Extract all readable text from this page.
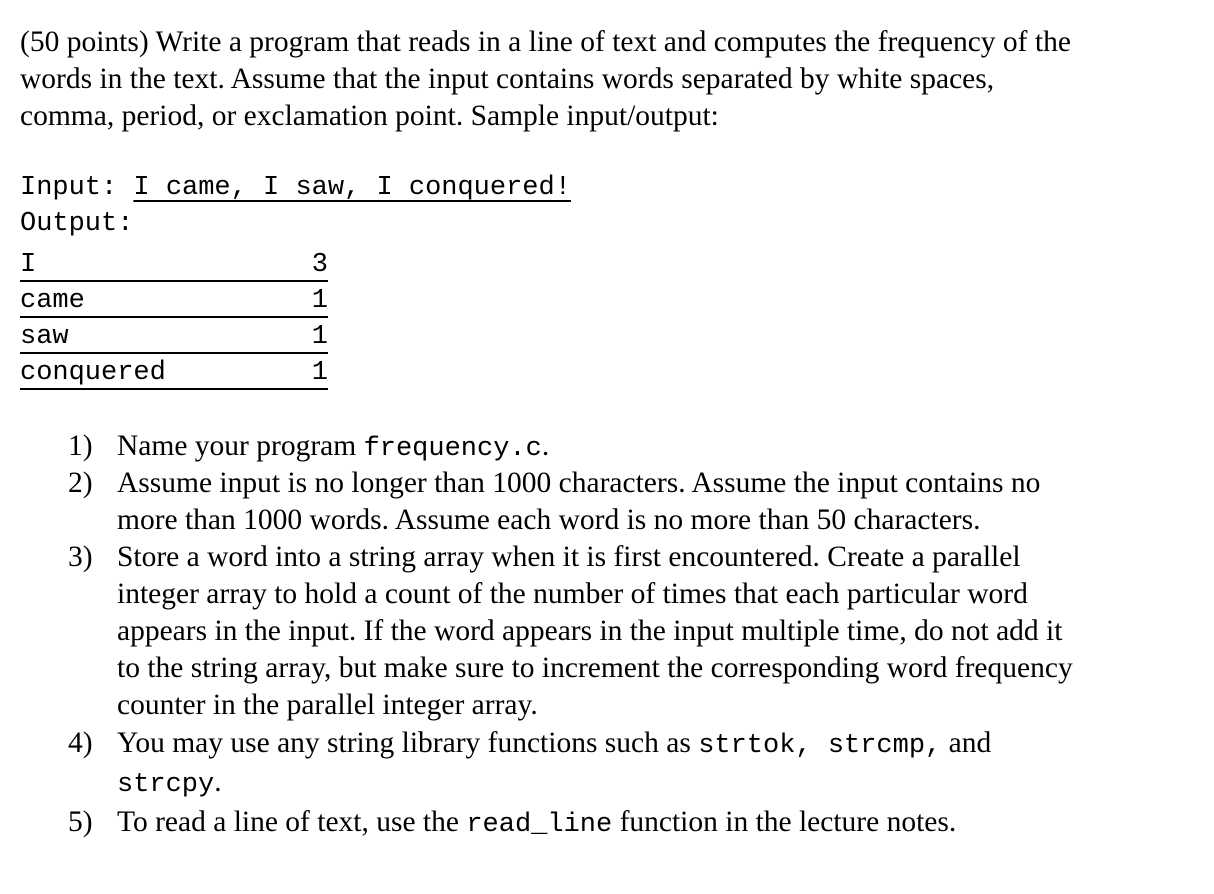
(50 points) Write a program that reads in a line of text and computes the frequency of the
words in the text. Assume that the input contains words separated by white spaces,
comma, period, or exclamation point. Sample input/output:
Input: I came, I saw, I conquered!
Output:
I	3
came	1
saw	1
conquered	1
1) Name your program frequency.c.
2) Assume input is no longer than 1000 characters. Assume the input contains no
more than 1000 words. Assume each word is no more than 50 characters.
3) Store a word into a string array when it is first encountered. Create a parallel
integer array to hold a count of the number of times that each particular word
appears in the input. If the word appears in the input multiple time, do not add it
to the string array, but make sure to increment the corresponding word frequency
counter in the parallel integer array.
4) You may use any string library functions such as strtok, strcmp, and
strcpy.
5) To read a line of text, use the read_line function in the lecture notes.
